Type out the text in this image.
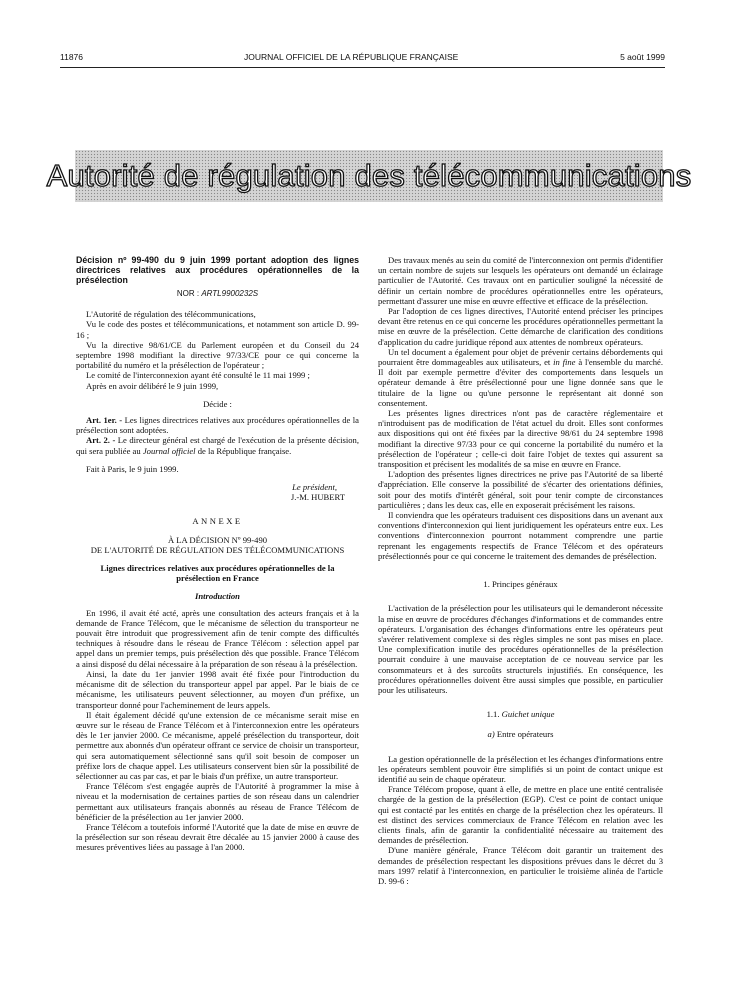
11876	JOURNAL OFFICIEL DE LA RÉPUBLIQUE FRANÇAISE	5 août 1999
Autorité de régulation des télécommunications

Décision nº 99-490 du 9 juin 1999 portant adoption des lignes directrices relatives aux procédures opérationnelles de la présélection

NOR : ARTL9900232S

L'Autorité de régulation des télécommunications,

Vu le code des postes et télécommunications, et notamment son article D. 99-16 ;

Vu la directive 98/61/CE du Parlement européen et du Conseil du 24 septembre 1998 modifiant la directive 97/33/CE pour ce qui concerne la portabilité du numéro et la présélection de l'opérateur ;

Le comité de l'interconnexion ayant été consulté le 11 mai 1999 ;

Après en avoir délibéré le 9 juin 1999,

Décide :

Art. 1er. - Les lignes directrices relatives aux procédures opérationnelles de la présélection sont adoptées.

Art. 2. - Le directeur général est chargé de l'exécution de la présente décision, qui sera publiée au Journal officiel de la République française.

Fait à Paris, le 9 juin 1999.

Le président,

J.-M. HUBERT

ANNEXE

À LA DÉCISION Nº 99-490

DE L'AUTORITÉ DE RÉGULATION DES TÉLÉCOMMUNICATIONS

Lignes directrices relatives aux procédures opérationnelles de la présélection en France

Introduction

En 1996, il avait été acté, après une consultation des acteurs français et à la demande de France Télécom, que le mécanisme de sélection du transporteur ne pouvait être introduit que progressivement afin de tenir compte des difficultés techniques à résoudre dans le réseau de France Télécom : sélection appel par appel dans un premier temps, puis présélection dès que possible. France Télécom a ainsi disposé du délai nécessaire à la préparation de son réseau à la présélection.

Ainsi, la date du 1er janvier 1998 avait été fixée pour l'introduction du mécanisme dit de sélection du transporteur appel par appel. Par le biais de ce mécanisme, les utilisateurs peuvent sélectionner, au moyen d'un préfixe, un transporteur donné pour l'acheminement de leurs appels.

Il était également décidé qu'une extension de ce mécanisme serait mise en œuvre sur le réseau de France Télécom et à l'interconnexion entre les opérateurs dès le 1er janvier 2000. Ce mécanisme, appelé présélection du transporteur, doit permettre aux abonnés d'un opérateur offrant ce service de choisir un transporteur, qui sera automatiquement sélectionné sans qu'il soit besoin de composer un préfixe lors de chaque appel. Les utilisateurs conservent bien sûr la possibilité de sélectionner au cas par cas, et par le biais d'un préfixe, un autre transporteur.

France Télécom s'est engagée auprès de l'Autorité à programmer la mise à niveau et la modernisation de certaines parties de son réseau dans un calendrier permettant aux utilisateurs français abonnés au réseau de France Télécom de bénéficier de la présélection au 1er janvier 2000.

France Télécom a toutefois informé l'Autorité que la date de mise en œuvre de la présélection sur son réseau devrait être décalée au 15 janvier 2000 à cause des mesures préventives liées au passage à l'an 2000.

Des travaux menés au sein du comité de l'interconnexion ont permis d'identifier un certain nombre de sujets sur lesquels les opérateurs ont demandé un éclairage particulier de l'Autorité. Ces travaux ont en particulier souligné la nécessité de définir un certain nombre de procédures opérationnelles entre les opérateurs, permettant d'assurer une mise en œuvre effective et efficace de la présélection.

Par l'adoption de ces lignes directives, l'Autorité entend préciser les principes devant être retenus en ce qui concerne les procédures opérationnelles permettant la mise en œuvre de la présélection. Cette démarche de clarification des conditions d'application du cadre juridique répond aux attentes de nombreux opérateurs.

Un tel document a également pour objet de prévenir certains débordements qui pourraient être dommageables aux utilisateurs, et in fine à l'ensemble du marché. Il doit par exemple permettre d'éviter des comportements dans lesquels un opérateur demande à être présélectionné pour une ligne donnée sans que le titulaire de la ligne ou qu'une personne le représentant ait donné son consentement.

Les présentes lignes directrices n'ont pas de caractère réglementaire et n'introduisent pas de modification de l'état actuel du droit. Elles sont conformes aux dispositions qui ont été fixées par la directive 98/61 du 24 septembre 1998 modifiant la directive 97/33 pour ce qui concerne la portabilité du numéro et la présélection de l'opérateur ; celle-ci doit faire l'objet de textes qui assurent sa transposition et précisent les modalités de sa mise en œuvre en France.

L'adoption des présentes lignes directrices ne prive pas l'Autorité de sa liberté d'appréciation. Elle conserve la possibilité de s'écarter des orientations définies, soit pour des motifs d'intérêt général, soit pour tenir compte de circonstances particulières ; dans les deux cas, elle en exposerait précisément les raisons.

Il conviendra que les opérateurs traduisent ces dispositions dans un avenant aux conventions d'interconnexion qui lient juridiquement les opérateurs entre eux. Les conventions d'interconnexion pourront notamment comprendre une partie reprenant les engagements respectifs de France Télécom et des opérateurs présélectionnés pour ce qui concerne le traitement des demandes de présélection.

1. Principes généraux

L'activation de la présélection pour les utilisateurs qui le demanderont nécessite la mise en œuvre de procédures d'échanges d'informations et de commandes entre opérateurs. L'organisation des échanges d'informations entre les opérateurs peut s'avérer relativement complexe si des règles simples ne sont pas mises en place. Une complexification inutile des procédures opérationnelles de la présélection pourrait conduire à une mauvaise acceptation de ce nouveau service par les consommateurs et à des surcoûts structurels injustifiés. En conséquence, les procédures opérationnelles doivent être aussi simples que possible, en particulier pour les utilisateurs.

1.1. Guichet unique

a) Entre opérateurs

La gestion opérationnelle de la présélection et les échanges d'informations entre les opérateurs semblent pouvoir être simplifiés si un point de contact unique est identifié au sein de chaque opérateur.

France Télécom propose, quant à elle, de mettre en place une entité centralisée chargée de la gestion de la présélection (EGP). C'est ce point de contact unique qui est contacté par les entités en charge de la présélection chez les opérateurs. Il est distinct des services commerciaux de France Télécom en relation avec les clients finals, afin de garantir la confidentialité nécessaire au traitement des demandes de présélection.

D'une manière générale, France Télécom doit garantir un traitement des demandes de présélection respectant les dispositions prévues dans le décret du 3 mars 1997 relatif à l'interconnexion, en particulier le troisième alinéa de l'article D. 99-6 :
